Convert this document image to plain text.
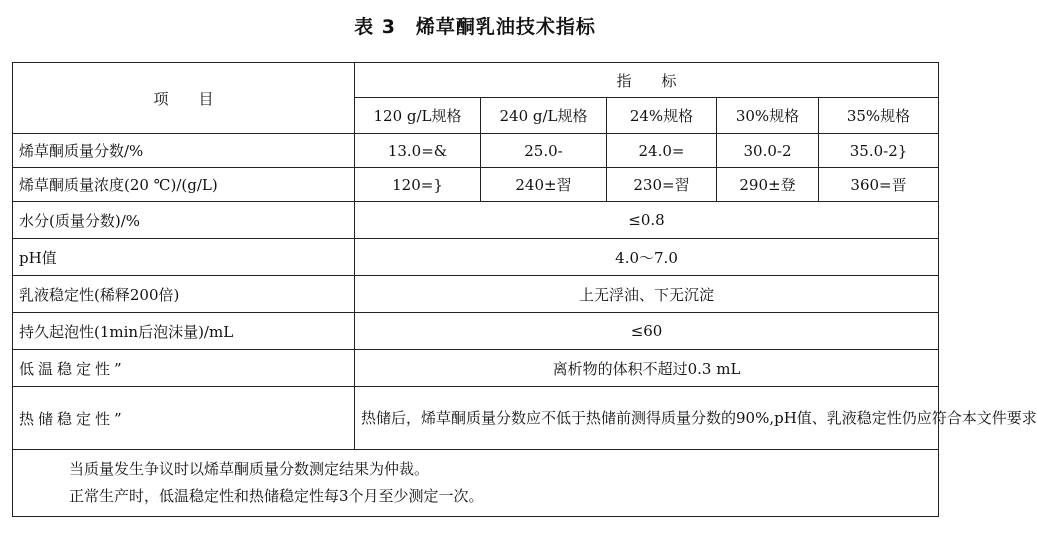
表 3　烯草酮乳油技术指标
项　　目	指　　标				
	120 g/L规格	240 g/L规格	24%规格	30%规格	35%规格
烯草酮质量分数/%	13.0=&	25.0-	24.0=	30.0-2	35.0-2}
烯草酮质量浓度(20 ℃)/(g/L)	120=}	240±習	230=習	290±登	360=晋
水分(质量分数)/%	≤0.8				
pH值	4.0～7.0				
乳液稳定性(稀释200倍)	上无浮油、下无沉淀				
持久起泡性(1min后泡沫量)/mL	≤60				
低温稳定性”	离析物的体积不超过0.3 mL				
热储稳定性”	热储后，烯草酮质量分数应不低于热储前测得质量分数的90%,pH值、乳液稳定性仍应符合本文件要求				

当质量发生争议时以烯草酮质量分数测定结果为仲裁。
正常生产时，低温稳定性和热储稳定性每3个月至少测定一次。					
